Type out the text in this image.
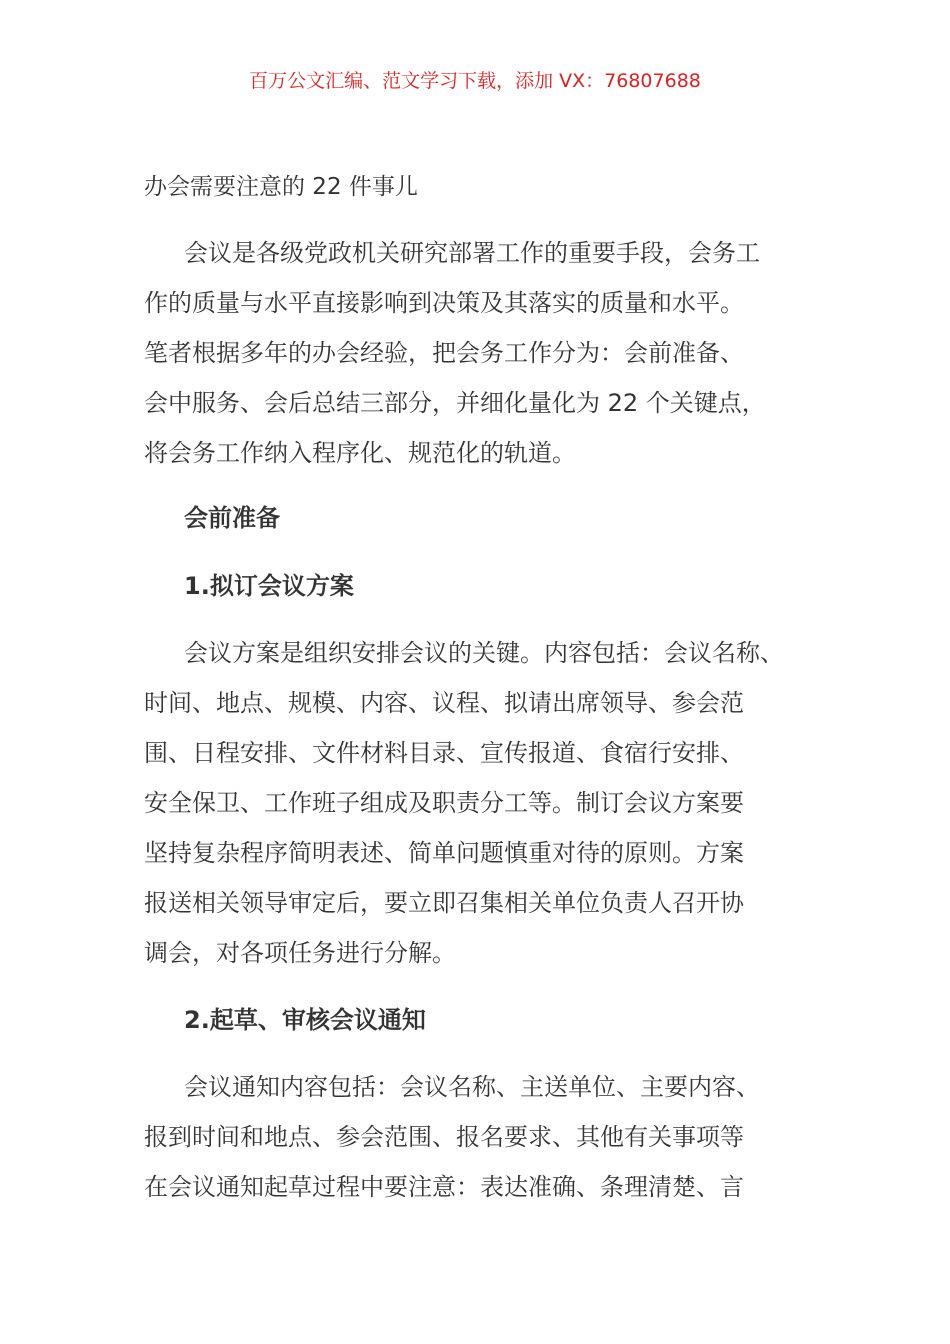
百万公文汇编、范文学习下载，添加 VX：76807688
办会需要注意的 22 件事儿
会议是各级党政机关研究部署工作的重要手段，会务工
作的质量与水平直接影响到决策及其落实的质量和水平。
笔者根据多年的办会经验，把会务工作分为：会前准备、
会中服务、会后总结三部分，并细化量化为 22 个关键点，
将会务工作纳入程序化、规范化的轨道。
会前准备
1.拟订会议方案
会议方案是组织安排会议的关键。内容包括：会议名称、
时间、地点、规模、内容、议程、拟请出席领导、参会范
围、日程安排、文件材料目录、宣传报道、食宿行安排、
安全保卫、工作班子组成及职责分工等。制订会议方案要
坚持复杂程序简明表述、简单问题慎重对待的原则。方案
报送相关领导审定后，要立即召集相关单位负责人召开协
调会，对各项任务进行分解。
2.起草、审核会议通知
会议通知内容包括：会议名称、主送单位、主要内容、
报到时间和地点、参会范围、报名要求、其他有关事项等
在会议通知起草过程中要注意：表达准确、条理清楚、言
